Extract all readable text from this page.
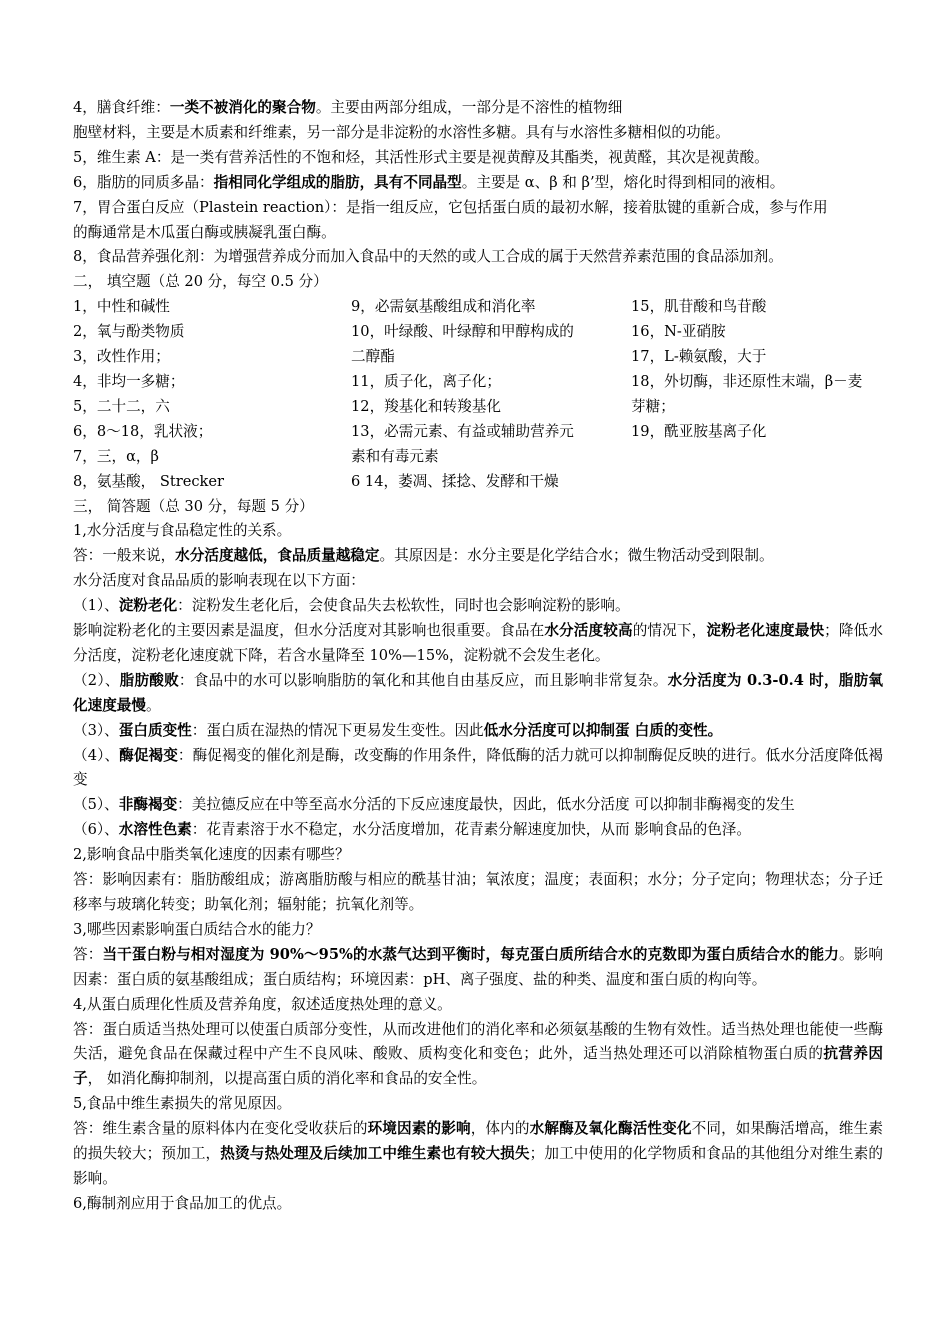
4，膳食纤维：一类不被消化的聚合物。主要由两部分组成，一部分是不溶性的植物细

胞壁材料，主要是木质素和纤维素，另一部分是非淀粉的水溶性多糖。具有与水溶性多糖相似的功能。

5，维生素 A：是一类有营养活性的不饱和烃，其活性形式主要是视黄醇及其酯类，视黄醛，其次是视黄酸。

6，脂肪的同质多晶：指相同化学组成的脂肪，具有不同晶型。主要是 α、β 和 β’型，熔化时得到相同的液相。

7，胃合蛋白反应（Plastein reaction）：是指一组反应，它包括蛋白质的最初水解，接着肽键的重新合成，参与作用

的酶通常是木瓜蛋白酶或胰凝乳蛋白酶。

8，食品营养强化剂：为增强营养成分而加入食品中的天然的或人工合成的属于天然营养素范围的食品添加剂。

二， 填空题（总 20 分，每空 0.5 分）

1，中性和碱性

2，氧与酚类物质

3，改性作用；

4，非均一多糖；

5，二十二，六

6，8～18，乳状液；

7，三，α，β

8，氨基酸， Strecker

9，必需氨基酸组成和消化率

10，叶绿酸、叶绿醇和甲醇构成的

二醇酯

11，质子化，离子化；

12，羧基化和转羧基化

13，必需元素、有益或辅助营养元

素和有毒元素

6 14，萎凋、揉捻、发酵和干燥

15，肌苷酸和鸟苷酸

16，N-亚硝胺

17，L-赖氨酸，大于

18，外切酶，非还原性末端，β－麦

芽糖；

19，酰亚胺基离子化

三， 简答题（总 30 分，每题 5 分）

1,水分活度与食品稳定性的关系。

答：一般来说，水分活度越低，食品质量越稳定。其原因是：水分主要是化学结合水；微生物活动受到限制。

水分活度对食品品质的影响表现在以下方面：

（1）、淀粉老化：淀粉发生老化后，会使食品失去松软性，同时也会影响淀粉的影响。

影响淀粉老化的主要因素是温度，但水分活度对其影响也很重要。食品在水分活度较高的情况下，淀粉老化速度最快；降低水分活度，淀粉老化速度就下降，若含水量降至 10%—15%，淀粉就不会发生老化。

（2）、脂肪酸败：食品中的水可以影响脂肪的氧化和其他自由基反应，而且影响非常复杂。水分活度为 0.3-0.4 时，脂肪氧化速度最慢。

（3）、蛋白质变性：蛋白质在湿热的情况下更易发生变性。因此低水分活度可以抑制蛋 白质的变性。

（4）、酶促褐变：酶促褐变的催化剂是酶，改变酶的作用条件，降低酶的活力就可以抑制酶促反映的进行。低水分活度降低褐变

（5）、非酶褐变：美拉德反应在中等至高水分活的下反应速度最快，因此，低水分活度 可以抑制非酶褐变的发生

（6）、水溶性色素：花青素溶于水不稳定，水分活度增加，花青素分解速度加快，从而 影响食品的色泽。

2,影响食品中脂类氧化速度的因素有哪些？

答：影响因素有：脂肪酸组成；游离脂肪酸与相应的酰基甘油；氧浓度；温度；表面积；水分；分子定向；物理状态；分子迁移率与玻璃化转变；助氧化剂；辐射能；抗氧化剂等。

3,哪些因素影响蛋白质结合水的能力？

答：当干蛋白粉与相对湿度为 90%～95%的水蒸气达到平衡时，每克蛋白质所结合水的克数即为蛋白质结合水的能力。影响因素：蛋白质的氨基酸组成；蛋白质结构；环境因素：pH、离子强度、盐的种类、温度和蛋白质的构向等。

4,从蛋白质理化性质及营养角度，叙述适度热处理的意义。

答：蛋白质适当热处理可以使蛋白质部分变性，从而改进他们的消化率和必须氨基酸的生物有效性。适当热处理也能使一些酶失活，避免食品在保藏过程中产生不良风味、酸败、质构变化和变色；此外，适当热处理还可以消除植物蛋白质的抗营养因子， 如消化酶抑制剂，以提高蛋白质的消化率和食品的安全性。

5,食品中维生素损失的常见原因。

答：维生素含量的原料体内在变化受收获后的环境因素的影响，体内的水解酶及氧化酶活性变化不同，如果酶活增高，维生素的损失较大；预加工，热烫与热处理及后续加工中维生素也有较大损失；加工中使用的化学物质和食品的其他组分对维生素的影响。

6,酶制剂应用于食品加工的优点。
